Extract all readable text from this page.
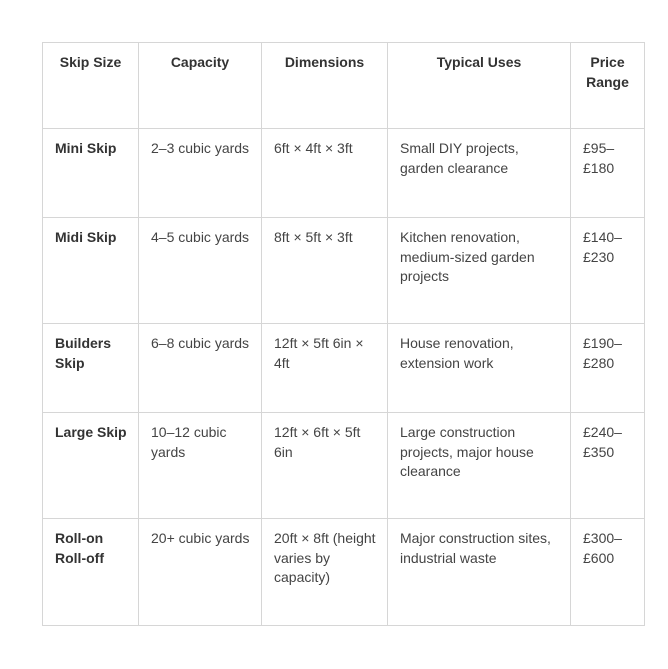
Skip Size	Capacity	Dimensions	Typical Uses	Price Range
Mini Skip	2–3 cubic yards	6ft × 4ft × 3ft	Small DIY projects, garden clearance	£95–£180
Midi Skip	4–5 cubic yards	8ft × 5ft × 3ft	Kitchen renovation, medium-sized garden projects	£140–£230
Builders Skip	6–8 cubic yards	12ft × 5ft 6in × 4ft	House renovation, extension work	£190–£280
Large Skip	10–12 cubic yards	12ft × 6ft × 5ft 6in	Large construction projects, major house clearance	£240–£350
Roll-on Roll-off	20+ cubic yards	20ft × 8ft (height varies by capacity)	Major construction sites, industrial waste	£300–£600
